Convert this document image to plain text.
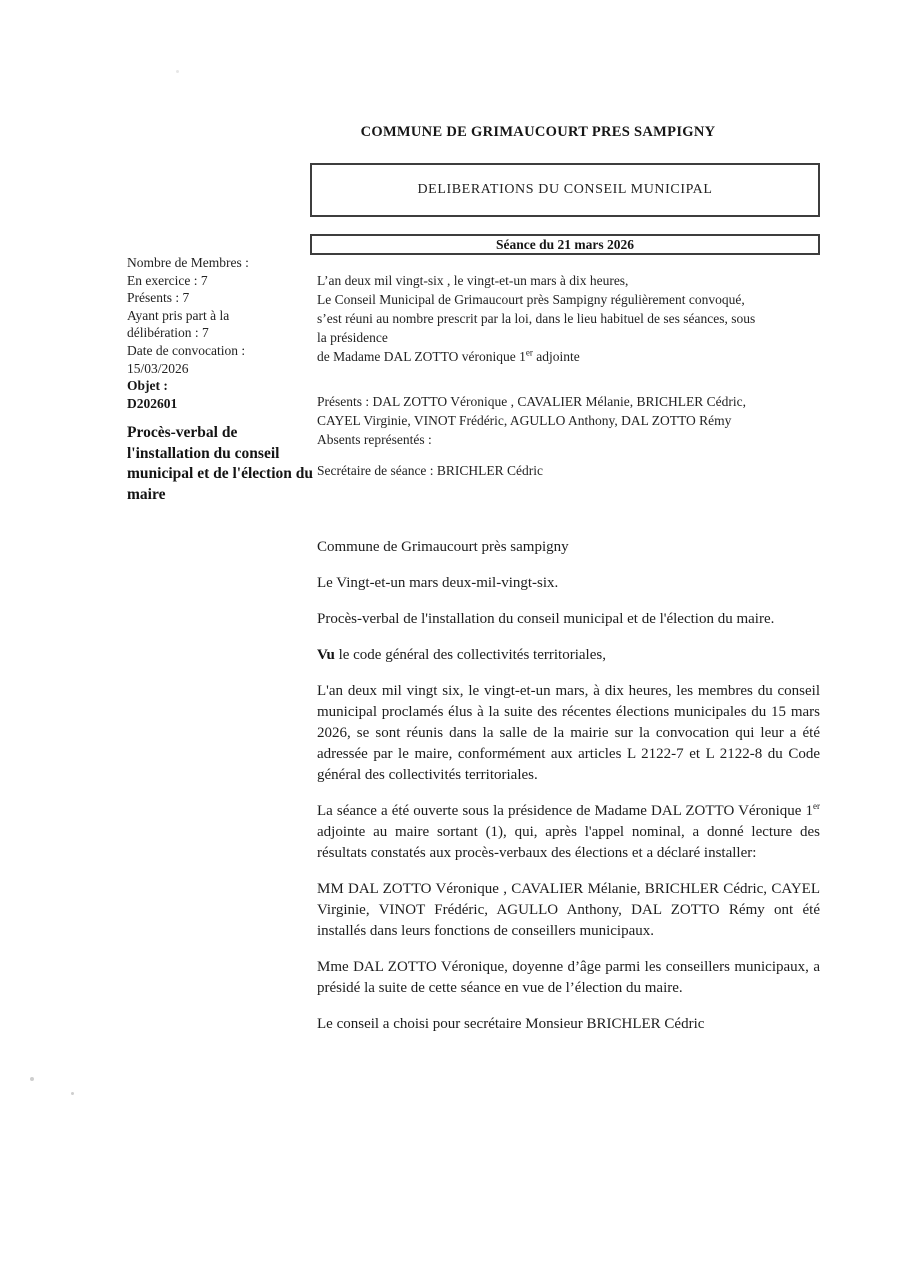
COMMUNE DE GRIMAUCOURT PRES SAMPIGNY
DELIBERATIONS DU CONSEIL MUNICIPAL
Séance du 21 mars 2026
Nombre de Membres :
En exercice : 7
Présents : 7
Ayant pris part à la
délibération : 7
Date de convocation :
15/03/2026
Objet :
D202601
Procès-verbal de l'installation du conseil municipal et de l'élection du maire
L’an deux mil vingt-six , le vingt-et-un mars à dix heures,
Le Conseil Municipal de Grimaucourt près Sampigny régulièrement convoqué,
s’est réuni au nombre prescrit par la loi, dans le lieu habituel de ses séances, sous
la présidence
de Madame DAL ZOTTO véronique 1er adjointe
Présents : DAL ZOTTO Véronique , CAVALIER Mélanie, BRICHLER Cédric,
CAYEL Virginie, VINOT Frédéric, AGULLO Anthony, DAL ZOTTO Rémy
Absents représentés :
Secrétaire de séance : BRICHLER Cédric

Commune de Grimaucourt près sampigny

Le Vingt-et-un mars deux-mil-vingt-six.

Procès-verbal de l'installation du conseil municipal et de l'élection du maire.

Vu le code général des collectivités territoriales,

L'an deux mil vingt six, le vingt-et-un mars, à dix heures, les membres du conseil municipal proclamés élus à la suite des récentes élections municipales du 15 mars 2026, se sont réunis dans la salle de la mairie sur la convocation qui leur a été adressée par le maire, conformément aux articles L 2122-7 et L 2122-8 du Code général des collectivités territoriales.

La séance a été ouverte sous la présidence de Madame DAL ZOTTO Véronique 1er adjointe au maire sortant (1), qui, après l'appel nominal, a donné lecture des résultats constatés aux procès-verbaux des élections et a déclaré installer:

MM DAL ZOTTO Véronique , CAVALIER Mélanie, BRICHLER Cédric, CAYEL Virginie, VINOT Frédéric, AGULLO Anthony, DAL ZOTTO Rémy ont été installés dans leurs fonctions de conseillers municipaux.

Mme DAL ZOTTO Véronique, doyenne d’âge parmi les conseillers municipaux, a présidé la suite de cette séance en vue de l’élection du maire.

Le conseil a choisi pour secrétaire Monsieur BRICHLER Cédric
